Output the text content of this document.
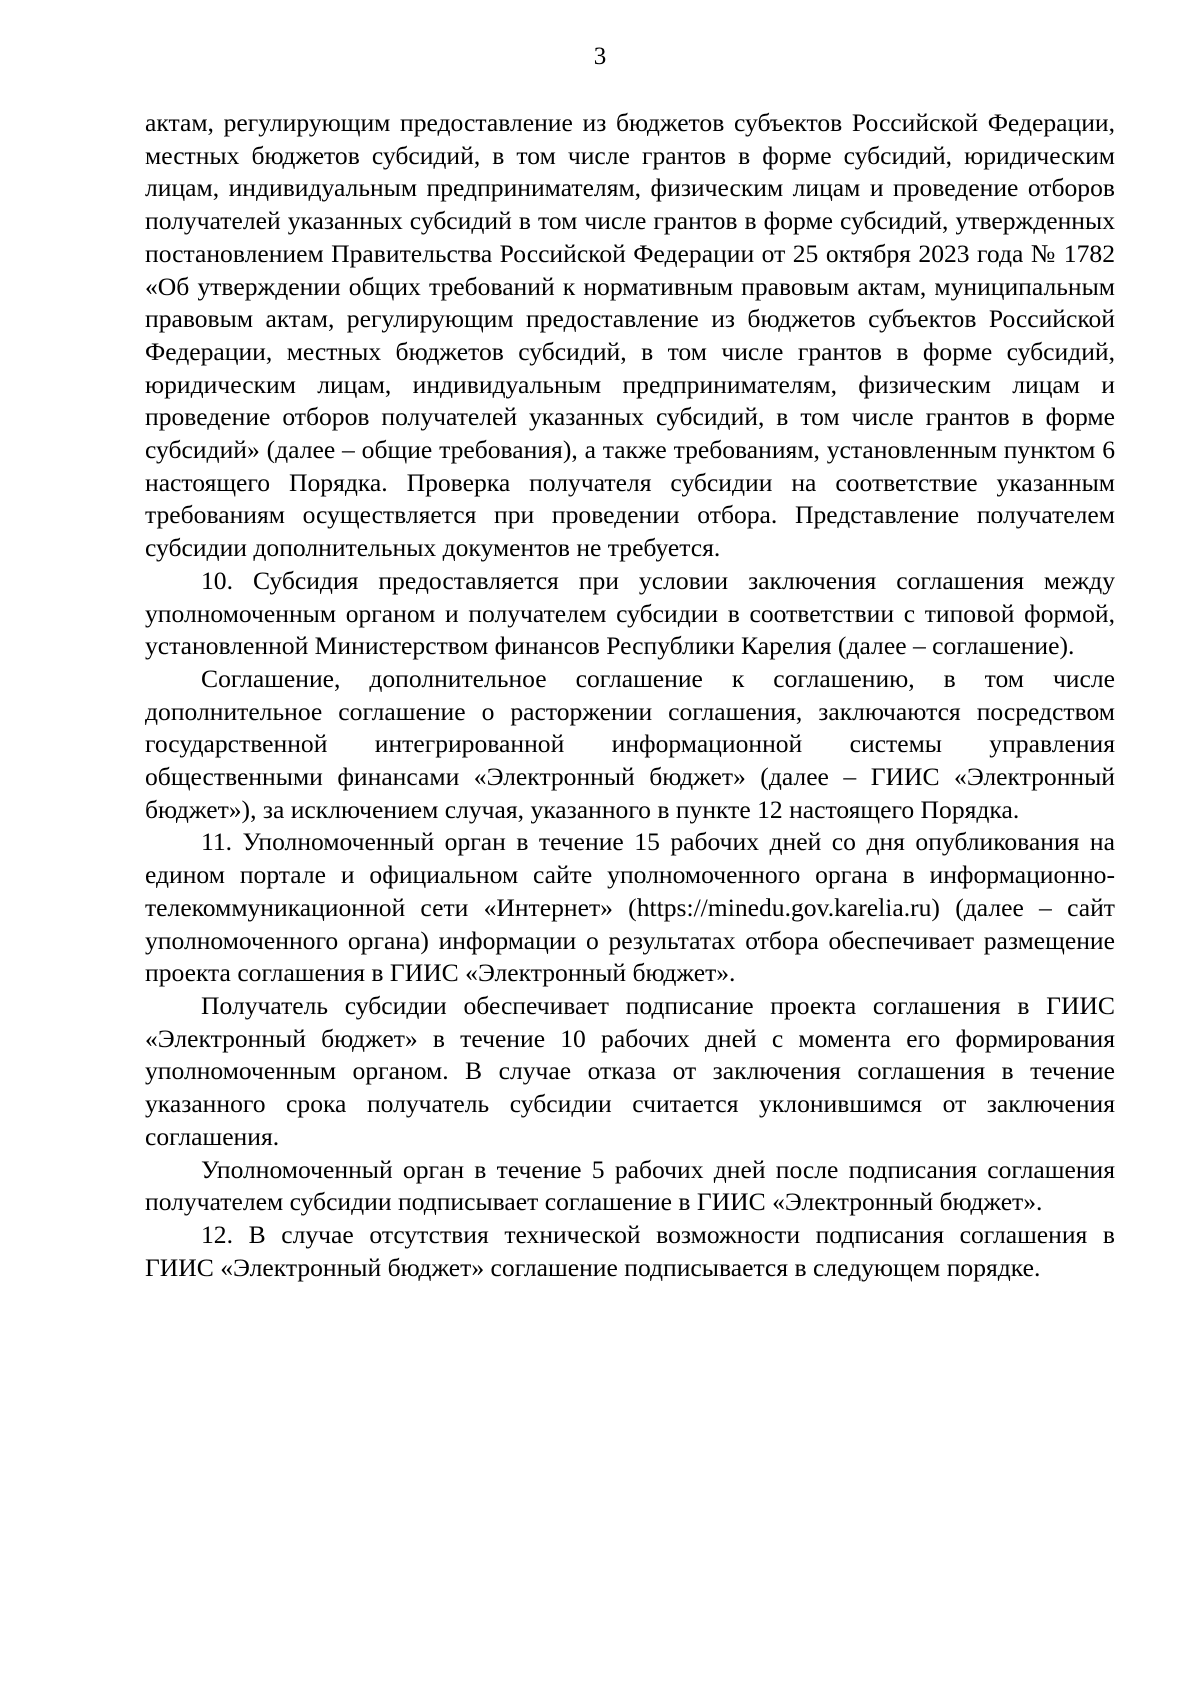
3

актам, регулирующим предоставление из бюджетов субъектов Российской Федерации, местных бюджетов субсидий, в том числе грантов в форме субсидий, юридическим лицам, индивидуальным предпринимателям, физическим лицам и проведение отборов получателей указанных субсидий в том числе грантов в форме субсидий, утвержденных постановлением Правительства Российской Федерации от 25 октября 2023 года № 1782 «Об утверждении общих требований к нормативным правовым актам, муниципальным правовым актам, регулирующим предоставление из бюджетов субъектов Российской Федерации, местных бюджетов субсидий, в том числе грантов в форме субсидий, юридическим лицам, индивидуальным предпринимателям, физическим лицам и проведение отборов получателей указанных субсидий, в том числе грантов в форме субсидий» (далее – общие требования), а также требованиям, установленным пунктом 6 настоящего Порядка. Проверка получателя субсидии на соответствие указанным требованиям осуществляется при проведении отбора. Представление получателем субсидии дополнительных документов не требуется.

10. Субсидия предоставляется при условии заключения соглашения между уполномоченным органом и получателем субсидии в соответствии с типовой формой, установленной Министерством финансов Республики Карелия (далее – соглашение).

Соглашение, дополнительное соглашение к соглашению, в том числе дополнительное соглашение о расторжении соглашения, заключаются посредством государственной интегрированной информационной системы управления общественными финансами «Электронный бюджет» (далее – ГИИС «Электронный бюджет»), за исключением случая, указанного в пункте 12 настоящего Порядка.

11. Уполномоченный орган в течение 15 рабочих дней со дня опубликования на едином портале и официальном сайте уполномоченного органа в информационно-телекоммуникационной сети «Интернет» (https://minedu.gov.karelia.ru) (далее – сайт уполномоченного органа) информации о результатах отбора обеспечивает размещение проекта соглашения в ГИИС «Электронный бюджет».

Получатель субсидии обеспечивает подписание проекта соглашения в ГИИС «Электронный бюджет» в течение 10 рабочих дней с момента его формирования уполномоченным органом. В случае отказа от заключения соглашения в течение указанного срока получатель субсидии считается уклонившимся от заключения соглашения.

Уполномоченный орган в течение 5 рабочих дней после подписания соглашения получателем субсидии подписывает соглашение в ГИИС «Электронный бюджет».

12. В случае отсутствия технической возможности подписания соглашения в ГИИС «Электронный бюджет» соглашение подписывается в следующем порядке.
